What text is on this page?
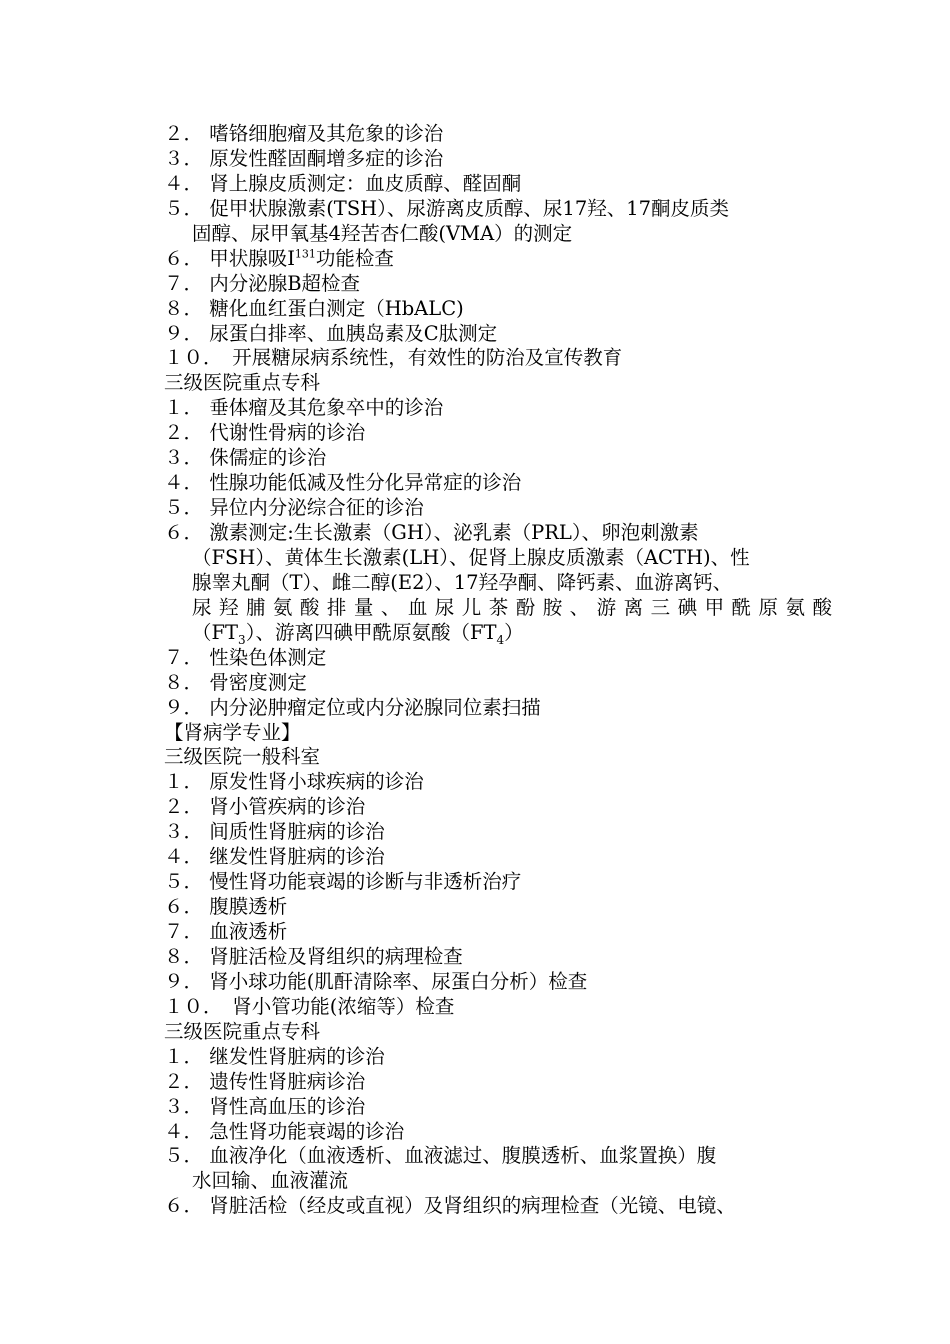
２． 嗜铬细胞瘤及其危象的诊治
３． 原发性醛固酮增多症的诊治
４． 肾上腺皮质测定：血皮质醇、醛固酮
５． 促甲状腺激素(TSH）、尿游离皮质醇、尿17羟、17酮皮质类
固醇、尿甲氧基4羟苦杏仁酸(VMA）的测定
６． 甲状腺吸$I^{131}$功能检查
７． 内分泌腺B超检查
８． 糖化血红蛋白测定（HbALC)
９． 尿蛋白排率、血胰岛素及C肽测定
１０．　开展糖尿病系统性，有效性的防治及宣传教育
三级医院重点专科
１． 垂体瘤及其危象卒中的诊治
２． 代谢性骨病的诊治
３． 侏儒症的诊治
４． 性腺功能低减及性分化异常症的诊治
５． 异位内分泌综合征的诊治
６． 激素测定:生长激素（GH）、泌乳素（PRL）、卵泡刺激素
（FSH）、黄体生长激素(LH）、促肾上腺皮质激素（ACTH)、性
腺睾丸酮（T）、雌二醇(E2）、17羟孕酮、降钙素、血游离钙、
尿羟脯氨酸排量、血尿儿茶酚胺、游离三碘甲酰原氨酸
$(FT_3)$、游离四碘甲酰原氨酸$(FT_4)$
７． 性染色体测定
８． 骨密度测定
９． 内分泌肿瘤定位或内分泌腺同位素扫描
【肾病学专业】
三级医院一般科室
１． 原发性肾小球疾病的诊治
２． 肾小管疾病的诊治
３． 间质性肾脏病的诊治
４． 继发性肾脏病的诊治
５． 慢性肾功能衰竭的诊断与非透析治疗
６． 腹膜透析
７． 血液透析
８． 肾脏活检及肾组织的病理检查
９． 肾小球功能(肌酐清除率、尿蛋白分析）检查
１０．　肾小管功能(浓缩等）检查
三级医院重点专科
１． 继发性肾脏病的诊治
２． 遗传性肾脏病诊治
３． 肾性高血压的诊治
４． 急性肾功能衰竭的诊治
５． 血液净化（血液透析、血液滤过、腹膜透析、血浆置换）腹
水回输、血液灌流
６． 肾脏活检（经皮或直视）及肾组织的病理检查（光镜、电镜、
